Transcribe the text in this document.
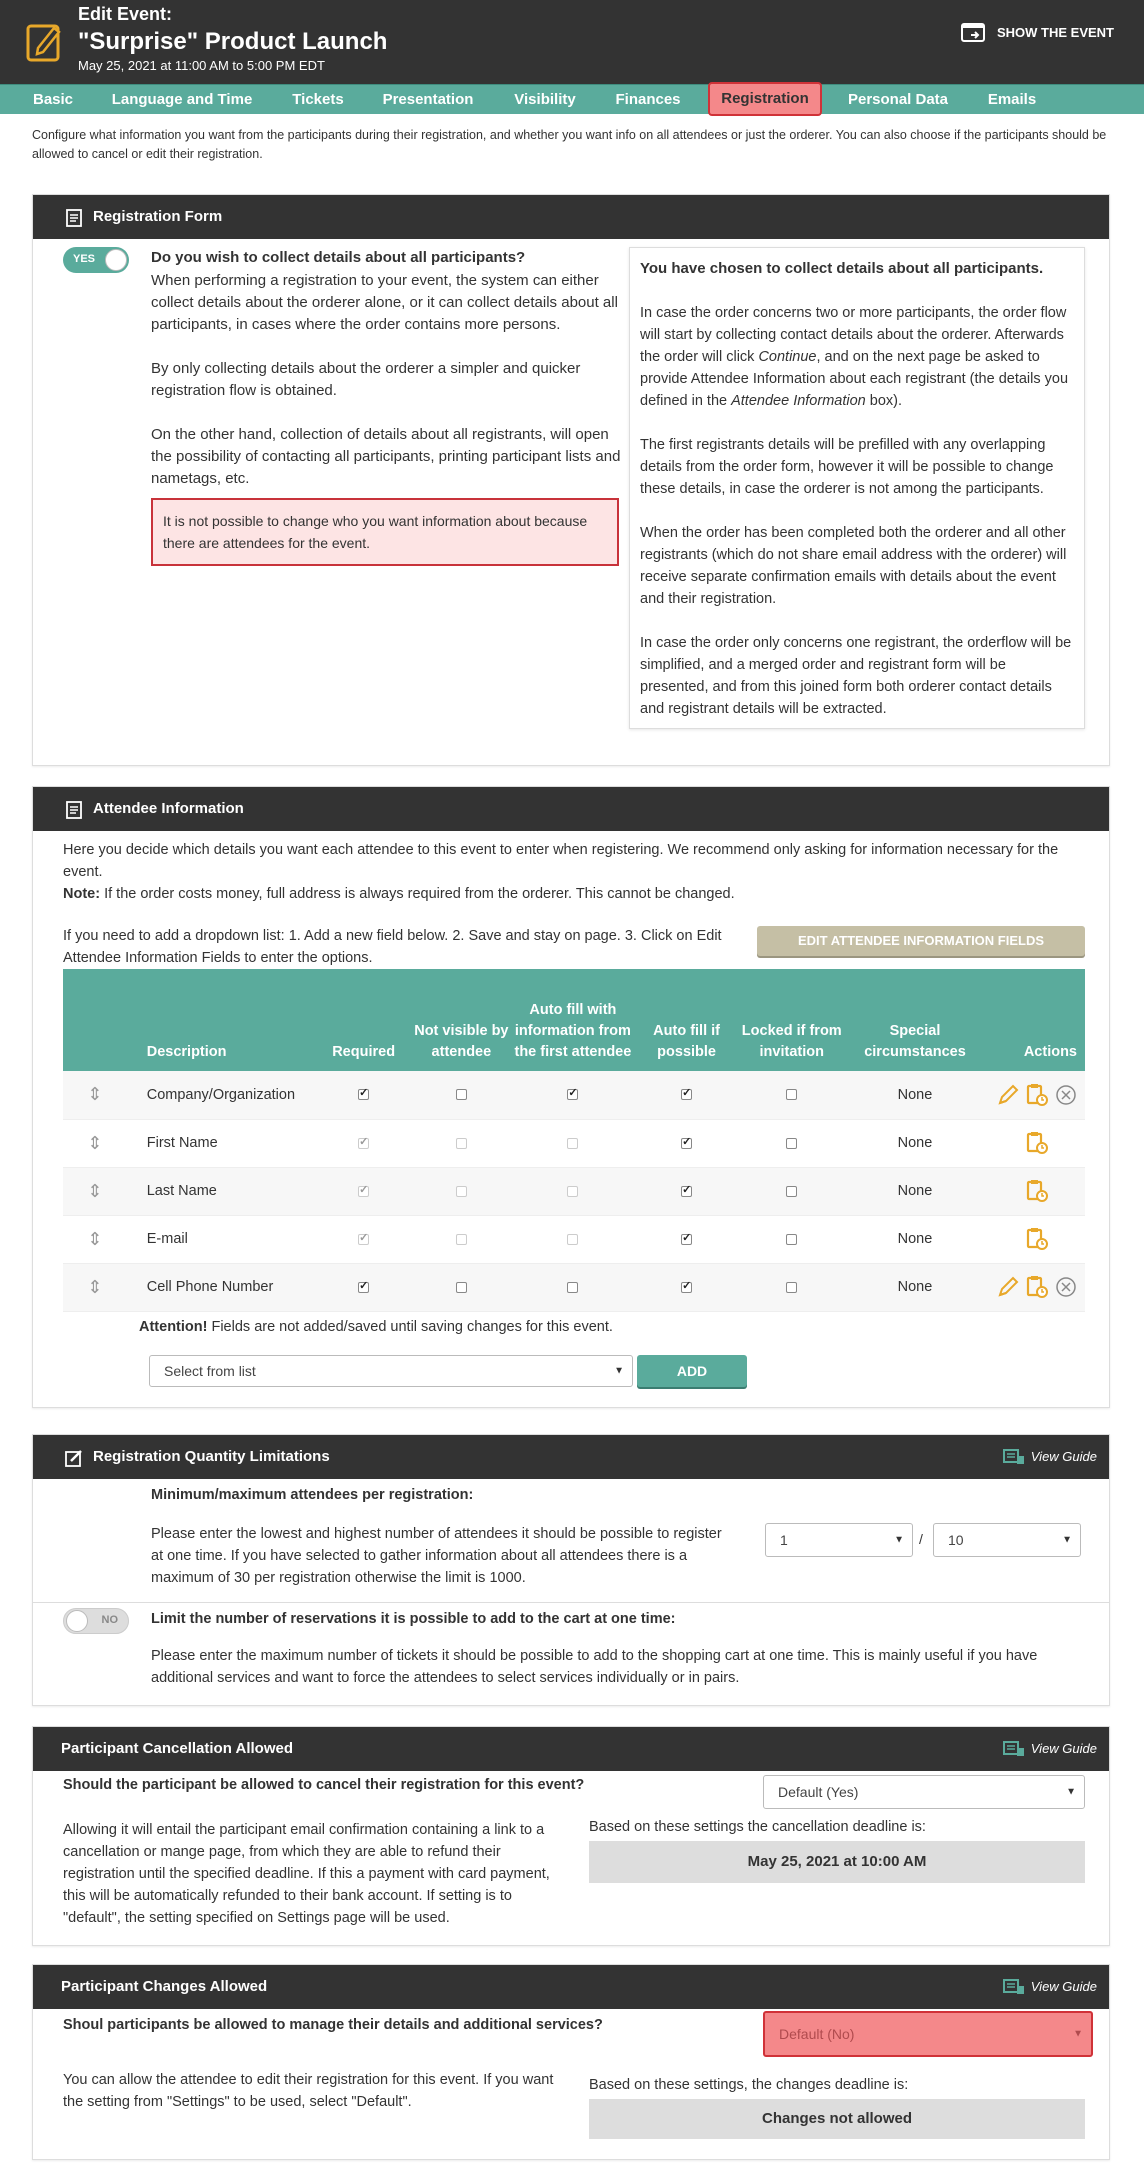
Edit Event:
"Surprise" Product Launch
May 25, 2021 at 11:00 AM to 5:00 PM EDT
SHOW THE EVENT
Basic	Language and Time	Tickets	Presentation	Visibility	Finances	Registration	Personal Data	Emails
Configure what information you want from the participants during their registration, and whether you want info on all attendees or just the orderer. You can also choose if the participants should be allowed to cancel or edit their registration.
Registration Form
YES	Do you wish to collect details about all participants?
When performing a registration to your event, the system can either collect details about the orderer alone, or it can collect details about all participants, in cases where the order contains more persons.
By only collecting details about the orderer a simpler and quicker registration flow is obtained.
On the other hand, collection of details about all registrants, will open the possibility of contacting all participants, printing participant lists and nametags, etc.
It is not possible to change who you want information about because there are attendees for the event.
You have chosen to collect details about all participants.
In case the order concerns two or more participants, the order flow will start by collecting contact details about the orderer. Afterwards the order will click Continue, and on the next page be asked to provide Attendee Information about each registrant (the details you defined in the Attendee Information box).
The first registrants details will be prefilled with any overlapping details from the order form, however it will be possible to change these details, in case the orderer is not among the participants.
When the order has been completed both the orderer and all other registrants (which do not share email address with the orderer) will receive separate confirmation emails with details about the event and their registration.
In case the order only concerns one registrant, the orderflow will be simplified, and a merged order and registrant form will be presented, and from this joined form both orderer contact details and registrant details will be extracted.
Attendee Information
Here you decide which details you want each attendee to this event to enter when registering. We recommend only asking for information necessary for the event.
Note: If the order costs money, full address is always required from the orderer. This cannot be changed.
If you need to add a dropdown list: 1. Add a new field below. 2. Save and stay on page. 3. Click on Edit Attendee Information Fields to enter the options.
EDIT ATTENDEE INFORMATION FIELDS
	Description	Required	Not visible by attendee	Auto fill with information from the first attendee	Auto fill if possible	Locked if from invitation	Special circumstances	Actions
⇕	Company/Organization	✓		✓	✓		None	

⇕	First Name	✓			✓		None	

⇕	Last Name	✓			✓		None	

⇕	E-mail	✓			✓		None	

⇕	Cell Phone Number	✓			✓		None	
Attention! Fields are not added/saved until saving changes for this event.
Select from list	▼	ADD
Registration Quantity Limitations	View Guide
Minimum/maximum attendees per registration:
Please enter the lowest and highest number of attendees it should be possible to register at one time. If you have selected to gather information about all attendees there is a maximum of 30 per registration otherwise the limit is 1000.
1	▼ / 10	▼
NO Limit the number of reservations it is possible to add to the cart at one time:
Please enter the maximum number of tickets it should be possible to add to the shopping cart at one time. This is mainly useful if you have additional services and want to force the attendees to select services individually or in pairs.
Participant Cancellation Allowed	View Guide
Should the participant be allowed to cancel their registration for this event?	Default (Yes)	▼
Allowing it will entail the participant email confirmation containing a link to a cancellation or mange page, from which they are able to refund their registration until the specified deadline. If this a payment with card payment, this will be automatically refunded to their bank account. If setting is to "default", the setting specified on Settings page will be used.
Based on these settings the cancellation deadline is:
May 25, 2021 at 10:00 AM
Participant Changes Allowed	View Guide
Shoul participants be allowed to manage their details and additional services?
Default (No)	▼
You can allow the attendee to edit their registration for this event. If you want the setting from "Settings" to be used, select "Default".
Based on these settings, the changes deadline is:
Changes not allowed
